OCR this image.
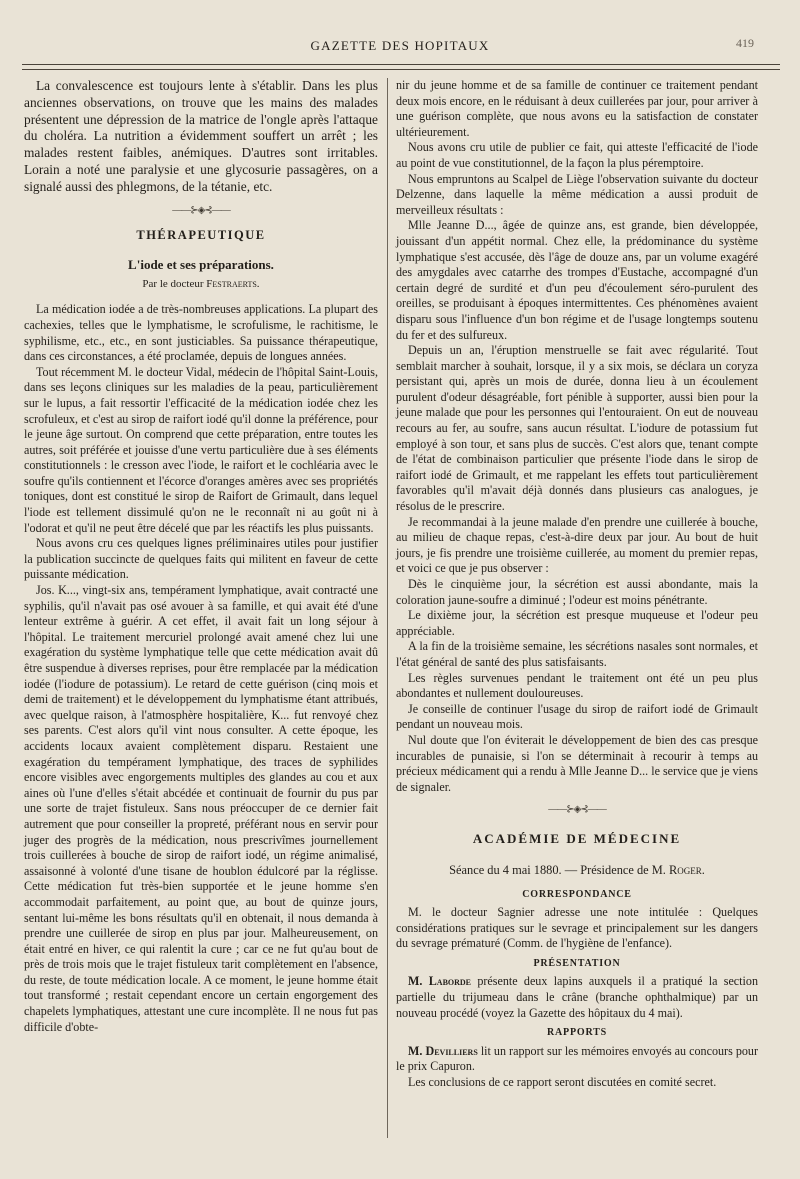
GAZETTE DES HOPITAUX	419

La convalescence est toujours lente à s'établir. Dans les plus anciennes observations, on trouve que les mains des malades présentent une dépression de la matrice de l'ongle après l'attaque du choléra. La nutrition a évidemment souffert un arrêt ; les malades restent faibles, anémiques. D'autres sont irritables. Lorain a noté une paralysie et une glycosurie passagères, on a signalé aussi des phlegmons, de la tétanie, etc.

——⊱◈⊰——
THÉRAPEUTIQUE
L'iode et ses préparations.
Par le docteur Festraerts.

La médication iodée a de très-nombreuses applications. La plupart des cachexies, telles que le lymphatisme, le scrofulisme, le rachitisme, le syphilisme, etc., etc., en sont justiciables. Sa puissance thérapeutique, dans ces circonstances, a été proclamée, depuis de longues années.

Tout récemment M. le docteur Vidal, médecin de l'hôpital Saint-Louis, dans ses leçons cliniques sur les maladies de la peau, particulièrement sur le lupus, a fait ressortir l'efficacité de la médication iodée chez les scrofuleux, et c'est au sirop de raifort iodé qu'il donne la préférence, pour le jeune âge surtout. On comprend que cette préparation, entre toutes les autres, soit préférée et jouisse d'une vertu particulière due à ses éléments constitutionnels : le cresson avec l'iode, le raifort et le cochléaria avec le soufre qu'ils contiennent et l'écorce d'oranges amères avec ses propriétés toniques, dont est constitué le sirop de Raifort de Grimault, dans lequel l'iode est tellement dissimulé qu'on ne le reconnaît ni au goût ni à l'odorat et qu'il ne peut être décelé que par les réactifs les plus puissants.

Nous avons cru ces quelques lignes préliminaires utiles pour justifier la publication succincte de quelques faits qui militent en faveur de cette puissante médication.

Jos. K..., vingt-six ans, tempérament lymphatique, avait contracté une syphilis, qu'il n'avait pas osé avouer à sa famille, et qui avait été d'une lenteur extrême à guérir. A cet effet, il avait fait un long séjour à l'hôpital. Le traitement mercuriel prolongé avait amené chez lui une exagération du système lymphatique telle que cette médication avait dû être suspendue à diverses reprises, pour être remplacée par la médication iodée (l'iodure de potassium). Le retard de cette guérison (cinq mois et demi de traitement) et le développement du lymphatisme étant attribués, avec quelque raison, à l'atmosphère hospitalière, K... fut renvoyé chez ses parents. C'est alors qu'il vint nous consulter. A cette époque, les accidents locaux avaient complètement disparu. Restaient une exagération du tempérament lymphatique, des traces de syphilides encore visibles avec engorgements multiples des glandes au cou et aux aines où l'une d'elles s'était abcédée et continuait de fournir du pus par une sorte de trajet fistuleux. Sans nous préoccuper de ce dernier fait autrement que pour conseiller la propreté, préférant nous en servir pour juger des progrès de la médication, nous prescrivîmes journellement trois cuillerées à bouche de sirop de raifort iodé, un régime animalisé, assaisonné à volonté d'une tisane de houblon édulcoré par la réglisse. Cette médication fut très-bien supportée et le jeune homme s'en accommodait parfaitement, au point que, au bout de quinze jours, sentant lui-même les bons résultats qu'il en obtenait, il nous demanda à prendre une cuillerée de sirop en plus par jour. Malheureusement, on était entré en hiver, ce qui ralentit la cure ; car ce ne fut qu'au bout de près de trois mois que le trajet fistuleux tarit complètement en l'absence, du reste, de toute médication locale. A ce moment, le jeune homme était tout transformé ; restait cependant encore un certain engorgement des chapelets lymphatiques, attestant une cure incomplète. Il ne nous fut pas difficile d'obte-

nir du jeune homme et de sa famille de continuer ce traitement pendant deux mois encore, en le réduisant à deux cuillerées par jour, pour arriver à une guérison complète, que nous avons eu la satisfaction de constater ultérieurement.

Nous avons cru utile de publier ce fait, qui atteste l'efficacité de l'iode au point de vue constitutionnel, de la façon la plus péremptoire.

Nous empruntons au Scalpel de Liège l'observation suivante du docteur Delzenne, dans laquelle la même médication a aussi produit de merveilleux résultats :

Mlle Jeanne D..., âgée de quinze ans, est grande, bien développée, jouissant d'un appétit normal. Chez elle, la prédominance du système lymphatique s'est accusée, dès l'âge de douze ans, par un volume exagéré des amygdales avec catarrhe des trompes d'Eustache, accompagné d'un certain degré de surdité et d'un peu d'écoulement séro-purulent des oreilles, se produisant à époques intermittentes. Ces phénomènes avaient disparu sous l'influence d'un bon régime et de l'usage longtemps soutenu du fer et des sulfureux.

Depuis un an, l'éruption menstruelle se fait avec régularité. Tout semblait marcher à souhait, lorsque, il y a six mois, se déclara un coryza persistant qui, après un mois de durée, donna lieu à un écoulement purulent d'odeur désagréable, fort pénible à supporter, aussi bien pour la jeune malade que pour les personnes qui l'entouraient. On eut de nouveau recours au fer, au soufre, sans aucun résultat. L'iodure de potassium fut employé à son tour, et sans plus de succès. C'est alors que, tenant compte de l'état de combinaison particulier que présente l'iode dans le sirop de raifort iodé de Grimault, et me rappelant les effets tout particulièrement favorables qu'il m'avait déjà donnés dans plusieurs cas analogues, je résolus de le prescrire.

Je recommandai à la jeune malade d'en prendre une cuillerée à bouche, au milieu de chaque repas, c'est-à-dire deux par jour. Au bout de huit jours, je fis prendre une troisième cuillerée, au moment du premier repas, et voici ce que je pus observer :

Dès le cinquième jour, la sécrétion est aussi abondante, mais la coloration jaune-soufre a diminué ; l'odeur est moins pénétrante.

Le dixième jour, la sécrétion est presque muqueuse et l'odeur peu appréciable.

A la fin de la troisième semaine, les sécrétions nasales sont normales, et l'état général de santé des plus satisfaisants.

Les règles survenues pendant le traitement ont été un peu plus abondantes et nullement douloureuses.

Je conseille de continuer l'usage du sirop de raifort iodé de Grimault pendant un nouveau mois.

Nul doute que l'on éviterait le développement de bien des cas presque incurables de punaisie, si l'on se déterminait à recourir à temps au précieux médicament qui a rendu à Mlle Jeanne D... le service que je viens de signaler.

——⊱◈⊰——
ACADÉMIE DE MÉDECINE
Séance du 4 mai 1880. — Présidence de M. Roger.
CORRESPONDANCE

M. le docteur Sagnier adresse une note intitulée : Quelques considérations pratiques sur le sevrage et principalement sur les dangers du sevrage prématuré (Comm. de l'hygiène de l'enfance).

PRÉSENTATION

M. Laborde présente deux lapins auxquels il a pratiqué la section partielle du trijumeau dans le crâne (branche ophthalmique) par un nouveau procédé (voyez la Gazette des hôpitaux du 4 mai).

RAPPORTS

M. Devilliers lit un rapport sur les mémoires envoyés au concours pour le prix Capuron.

Les conclusions de ce rapport seront discutées en comité secret.
